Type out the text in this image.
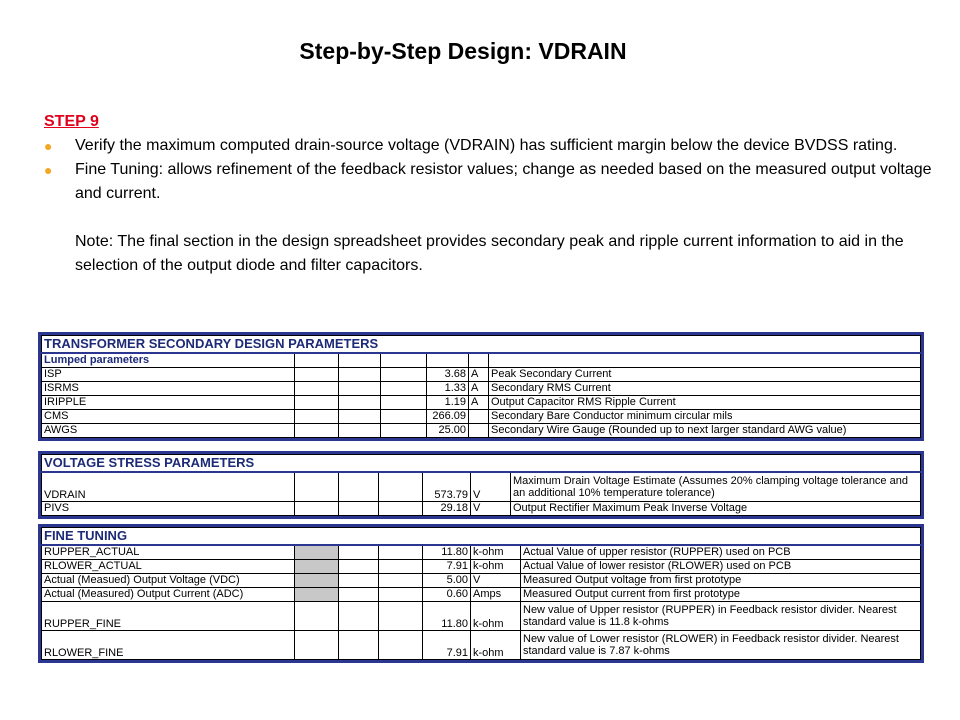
Step-by-Step Design: VDRAIN
STEP 9
● Verify the maximum computed drain-source voltage (VDRAIN) has sufficient margin below the device BVDSS rating.
● Fine Tuning: allows refinement of the feedback resistor values; change as needed based on the measured output voltage and current.
Note: The final section in the design spreadsheet provides secondary peak and ripple current information to aid in the selection of the output diode and filter capacitors.
TRANSFORMER SECONDARY DESIGN PARAMETERS						
Lumped parameters						
ISP				3.68	A	Peak Secondary Current
ISRMS				1.33	A	Secondary RMS Current
IRIPPLE				1.19	A	Output Capacitor RMS Ripple Current
CMS				266.09		Secondary Bare Conductor minimum circular mils
AWGS				25.00		Secondary Wire Gauge (Rounded up to next larger standard AWG value)
VOLTAGE STRESS PARAMETERS						
VDRAIN				573.79	V	Maximum Drain Voltage Estimate (Assumes 20% clamping voltage tolerance and an additional 10% temperature tolerance)
PIVS				29.18	V	Output Rectifier Maximum Peak Inverse Voltage
FINE TUNING						
RUPPER_ACTUAL				11.80	k-ohm	Actual Value of upper resistor (RUPPER) used on PCB
RLOWER_ACTUAL				7.91	k-ohm	Actual Value of lower resistor (RLOWER) used on PCB
Actual (Measued) Output Voltage (VDC)				5.00	V	Measured Output voltage from first prototype
Actual (Measured) Output Current (ADC)				0.60	Amps	Measured Output current from first prototype
RUPPER_FINE				11.80	k-ohm	New value of Upper resistor (RUPPER) in Feedback resistor divider. Nearest standard value is 11.8 k-ohms
RLOWER_FINE				7.91	k-ohm	New value of Lower resistor (RLOWER) in Feedback resistor divider. Nearest standard value is 7.87 k-ohms
